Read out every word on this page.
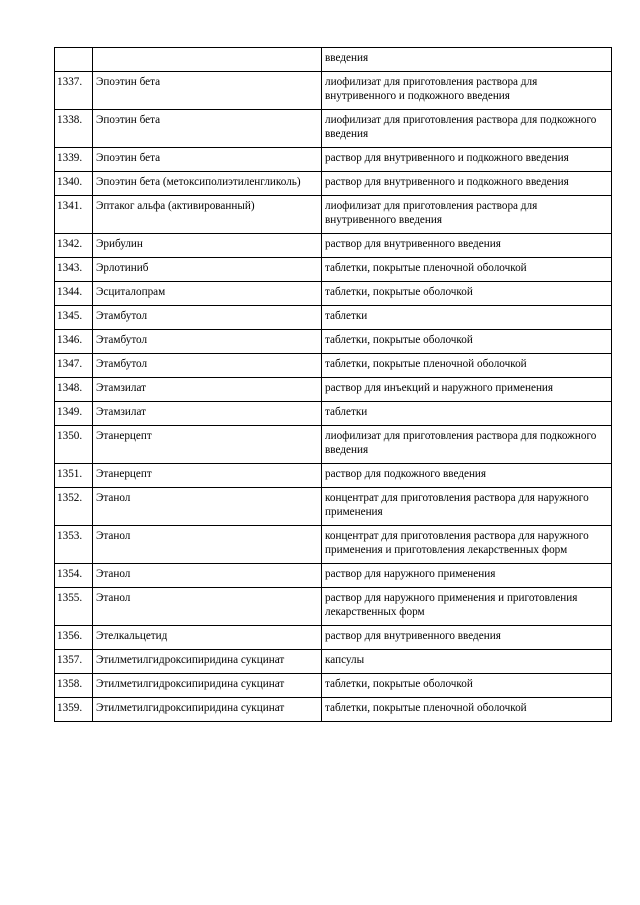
		введения
1337.	Эпоэтин бета	лиофилизат для приготовления раствора для внутривенного и подкожного введения
1338.	Эпоэтин бета	лиофилизат для приготовления раствора для подкожного введения
1339.	Эпоэтин бета	раствор для внутривенного и подкожного введения
1340.	Эпоэтин бета (метоксиполиэтиленгликоль)	раствор для внутривенного и подкожного введения
1341.	Эптаког альфа (активированный)	лиофилизат для приготовления раствора для внутривенного введения
1342.	Эрибулин	раствор для внутривенного введения
1343.	Эрлотиниб	таблетки, покрытые пленочной оболочкой
1344.	Эсциталопрам	таблетки, покрытые оболочкой
1345.	Этамбутол	таблетки
1346.	Этамбутол	таблетки, покрытые оболочкой
1347.	Этамбутол	таблетки, покрытые пленочной оболочкой
1348.	Этамзилат	раствор для инъекций и наружного применения
1349.	Этамзилат	таблетки
1350.	Этанерцепт	лиофилизат для приготовления раствора для подкожного введения
1351.	Этанерцепт	раствор для подкожного введения
1352.	Этанол	концентрат для приготовления раствора для наружного применения
1353.	Этанол	концентрат для приготовления раствора для наружного применения и приготовления лекарственных форм
1354.	Этанол	раствор для наружного применения
1355.	Этанол	раствор для наружного применения и приготовления лекарственных форм
1356.	Этелкальцетид	раствор для внутривенного введения
1357.	Этилметилгидроксипиридина сукцинат	капсулы
1358.	Этилметилгидроксипиридина сукцинат	таблетки, покрытые оболочкой
1359.	Этилметилгидроксипиридина сукцинат	таблетки, покрытые пленочной оболочкой
